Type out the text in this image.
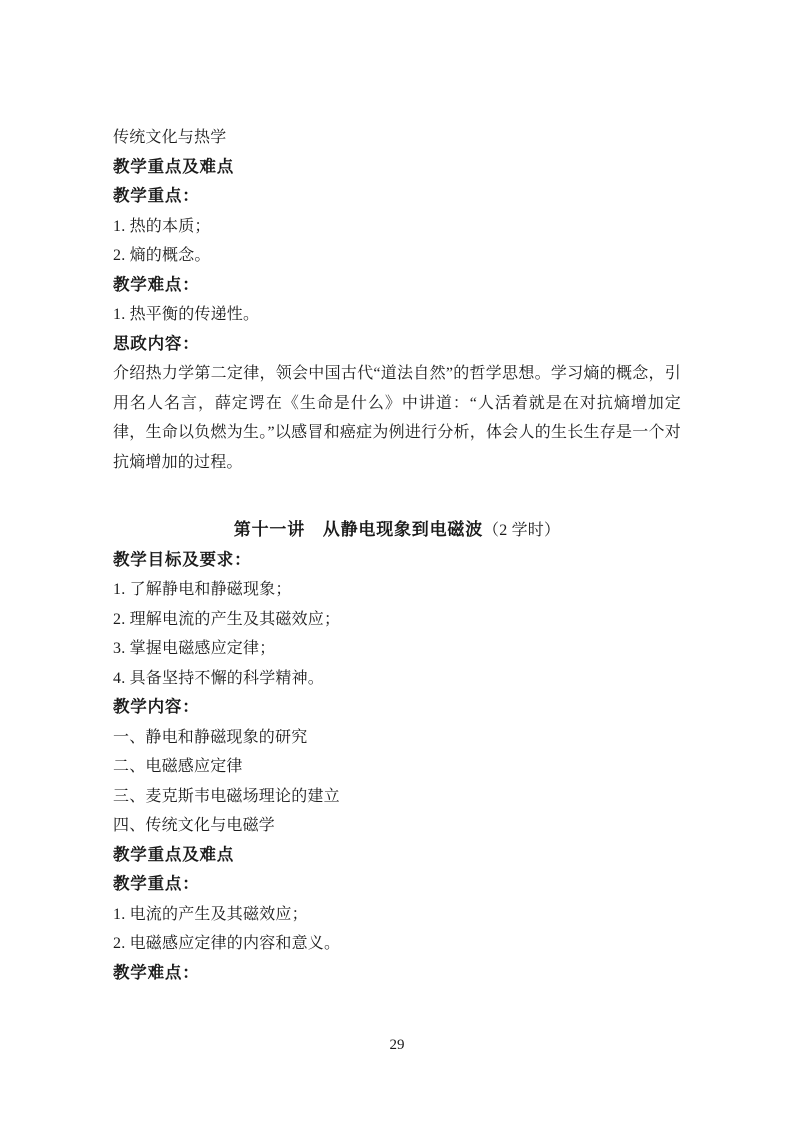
传统文化与热学
教学重点及难点
教学重点：
1. 热的本质；
2. 熵的概念。
教学难点：
1. 热平衡的传递性。
思政内容：
介绍热力学第二定律，领会中国古代“道法自然”的哲学思想。学习熵的概念，引用名人名言，薛定谔在《生命是什么》中讲道：“人活着就是在对抗熵增加定律，生命以负燃为生。”以感冒和癌症为例进行分析，体会人的生长生存是一个对抗熵增加的过程。
第十一讲　从静电现象到电磁波（2 学时）
教学目标及要求：
1. 了解静电和静磁现象；
2. 理解电流的产生及其磁效应；
3. 掌握电磁感应定律；
4. 具备坚持不懈的科学精神。
教学内容：
一、静电和静磁现象的研究
二、电磁感应定律
三、麦克斯韦电磁场理论的建立
四、传统文化与电磁学
教学重点及难点
教学重点：
1. 电流的产生及其磁效应；
2. 电磁感应定律的内容和意义。
教学难点：
29
